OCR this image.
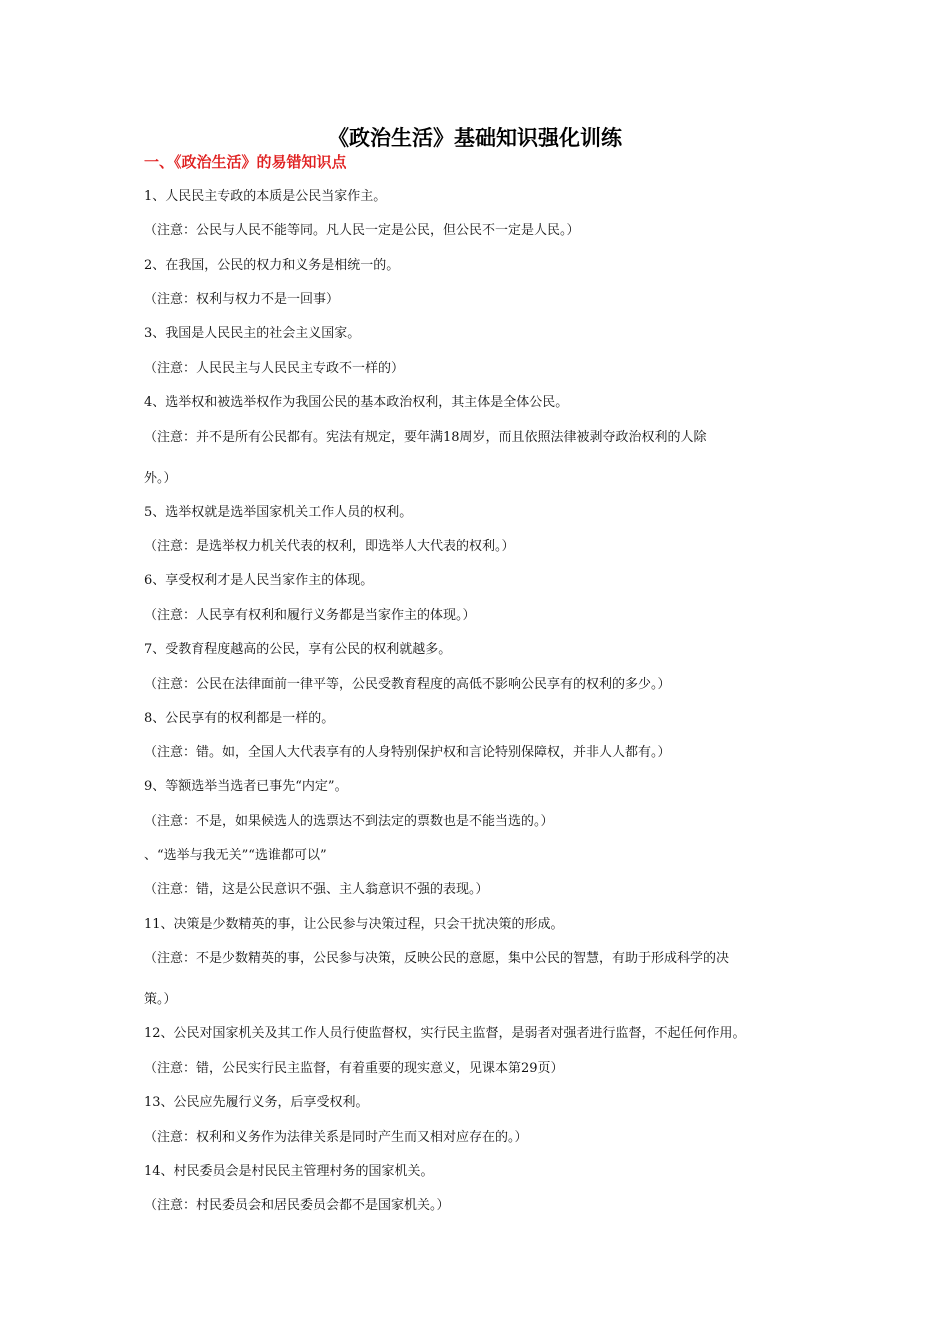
《政治生活》基础知识强化训练
一、《政治生活》的易错知识点
1、人民民主专政的本质是公民当家作主。
（注意：公民与人民不能等同。凡人民一定是公民，但公民不一定是人民。）
2、在我国，公民的权力和义务是相统一的。
（注意：权利与权力不是一回事）
3、我国是人民民主的社会主义国家。
（注意：人民民主与人民民主专政不一样的）
4、选举权和被选举权作为我国公民的基本政治权利，其主体是全体公民。
（注意：并不是所有公民都有。宪法有规定，要年满18周岁，而且依照法律被剥夺政治权利的人除
外。）
5、选举权就是选举国家机关工作人员的权利。
（注意：是选举权力机关代表的权利，即选举人大代表的权利。）
6、享受权利才是人民当家作主的体现。
（注意：人民享有权利和履行义务都是当家作主的体现。）
7、受教育程度越高的公民，享有公民的权利就越多。
（注意：公民在法律面前一律平等，公民受教育程度的高低不影响公民享有的权利的多少。）
8、公民享有的权利都是一样的。
（注意：错。如，全国人大代表享有的人身特别保护权和言论特别保障权，并非人人都有。）
9、等额选举当选者已事先“内定”。
（注意：不是，如果候选人的选票达不到法定的票数也是不能当选的。）
、“选举与我无关”“选谁都可以”
（注意：错，这是公民意识不强、主人翁意识不强的表现。）
11、决策是少数精英的事，让公民参与决策过程，只会干扰决策的形成。
（注意：不是少数精英的事，公民参与决策，反映公民的意愿，集中公民的智慧，有助于形成科学的决
策。）
12、公民对国家机关及其工作人员行使监督权，实行民主监督，是弱者对强者进行监督，不起任何作用。
（注意：错，公民实行民主监督，有着重要的现实意义，见课本第29页）
13、公民应先履行义务，后享受权利。
（注意：权利和义务作为法律关系是同时产生而又相对应存在的。）
14、村民委员会是村民民主管理村务的国家机关。
（注意：村民委员会和居民委员会都不是国家机关。）
